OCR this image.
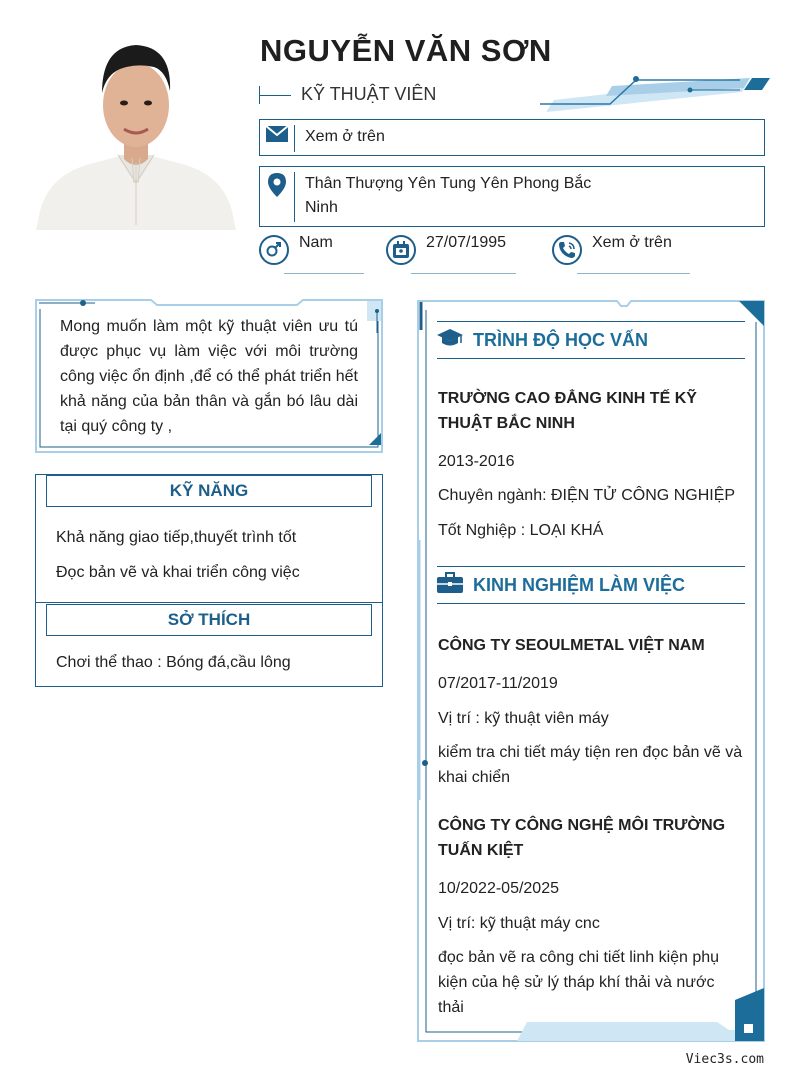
NGUYỄN VĂN SƠN
KỸ THUẬT VIÊN
Xem ở trên
Thân Thượng Yên Tung Yên Phong Bắc Ninh
Nam	27/07/1995	Xem ở trên
Mong muốn làm một kỹ thuật viên ưu tú được phục vụ làm việc với môi trường công việc ổn định ,để có thể phát triển hết khả năng của bản thân và gắn bó lâu dài tại quý công ty ,
KỸ NĂNG
Khả năng giao tiếp,thuyết trình tốt
Đọc bản vẽ và khai triển công việc
SỞ THÍCH
Chơi thể thao : Bóng đá,cầu lông
TRÌNH ĐỘ HỌC VẤN
TRƯỜNG CAO ĐẲNG KINH TẾ KỸ THUẬT BẮC NINH
2013-2016
Chuyên ngành: ĐIỆN TỬ CÔNG NGHIỆP
Tốt Nghiệp : LOẠI KHÁ
KINH NGHIỆM LÀM VIỆC
CÔNG TY SEOULMETAL VIỆT NAM
07/2017-11/2019
Vị trí : kỹ thuật viên máy
kiểm tra chi tiết máy tiện ren đọc bản vẽ và khai chiển
CÔNG TY CÔNG NGHỆ MÔI TRƯỜNG TUẤN KIỆT
10/2022-05/2025
Vị trí: kỹ thuật máy cnc
đọc bản vẽ ra công chi tiết linh kiện phụ kiện của hệ sử lý tháp khí thải và nước thải
Viec3s.com
